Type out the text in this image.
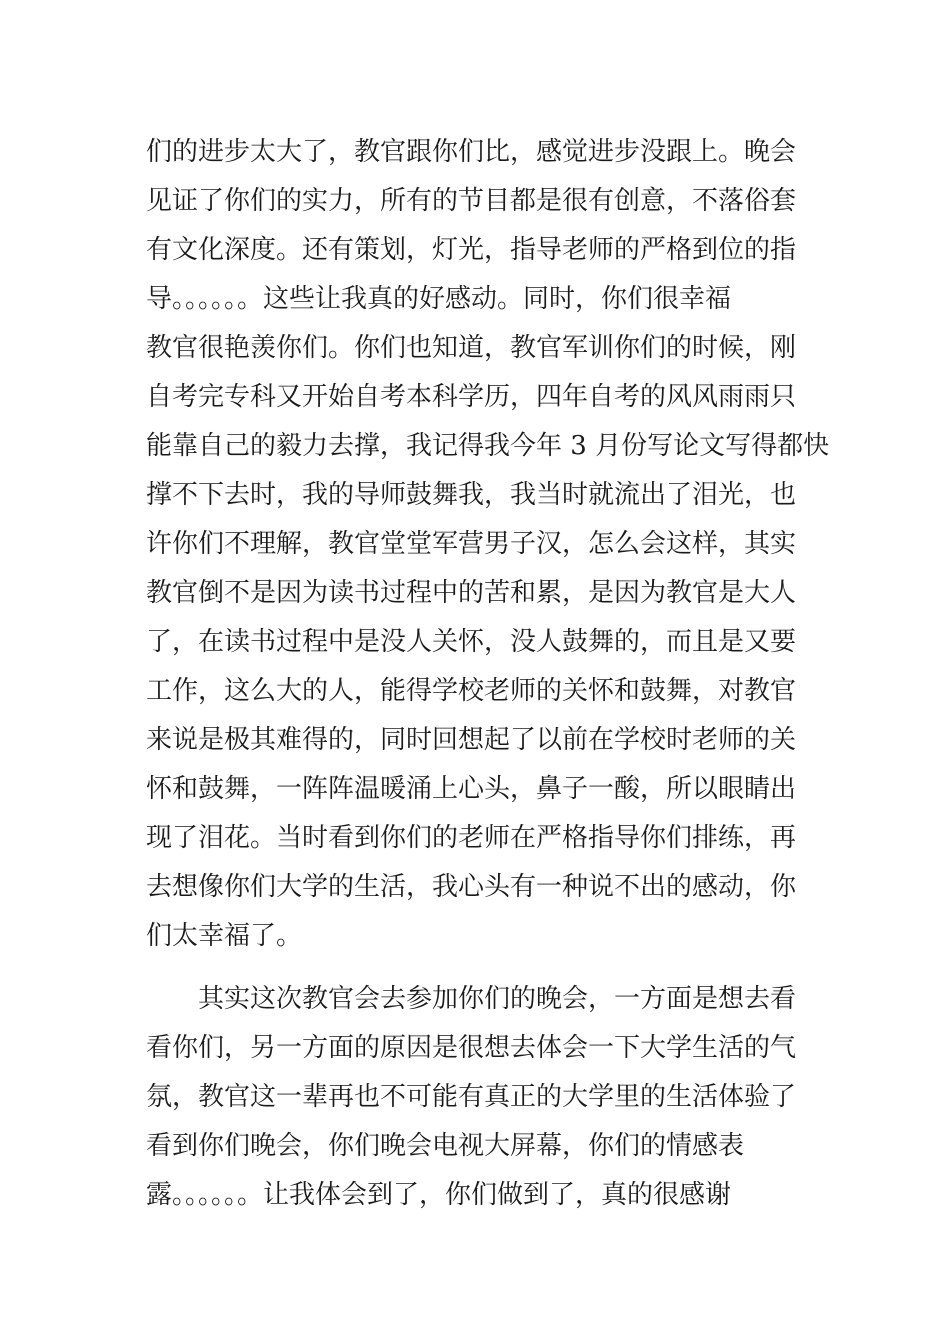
们的进步太大了，教官跟你们比，感觉进步没跟上。晚会
见证了你们的实力，所有的节目都是很有创意，不落俗套
有文化深度。还有策划，灯光，指导老师的严格到位的指
导。。。。。。这些让我真的好感动。同时，你们很幸福
教官很艳羡你们。你们也知道，教官军训你们的时候，刚
自考完专科又开始自考本科学历，四年自考的风风雨雨只
能靠自己的毅力去撑，我记得我今年 3 月份写论文写得都快
撑不下去时，我的导师鼓舞我，我当时就流出了泪光，也
许你们不理解，教官堂堂军营男子汉，怎么会这样，其实
教官倒不是因为读书过程中的苦和累，是因为教官是大人
了，在读书过程中是没人关怀，没人鼓舞的，而且是又要
工作，这么大的人，能得学校老师的关怀和鼓舞，对教官
来说是极其难得的，同时回想起了以前在学校时老师的关
怀和鼓舞，一阵阵温暖涌上心头，鼻子一酸，所以眼睛出
现了泪花。当时看到你们的老师在严格指导你们排练，再
去想像你们大学的生活，我心头有一种说不出的感动，你
们太幸福了。
其实这次教官会去参加你们的晚会，一方面是想去看
看你们，另一方面的原因是很想去体会一下大学生活的气
氛，教官这一辈再也不可能有真正的大学里的生活体验了
看到你们晚会，你们晚会电视大屏幕，你们的情感表
露。。。。。。让我体会到了，你们做到了，真的很感谢
